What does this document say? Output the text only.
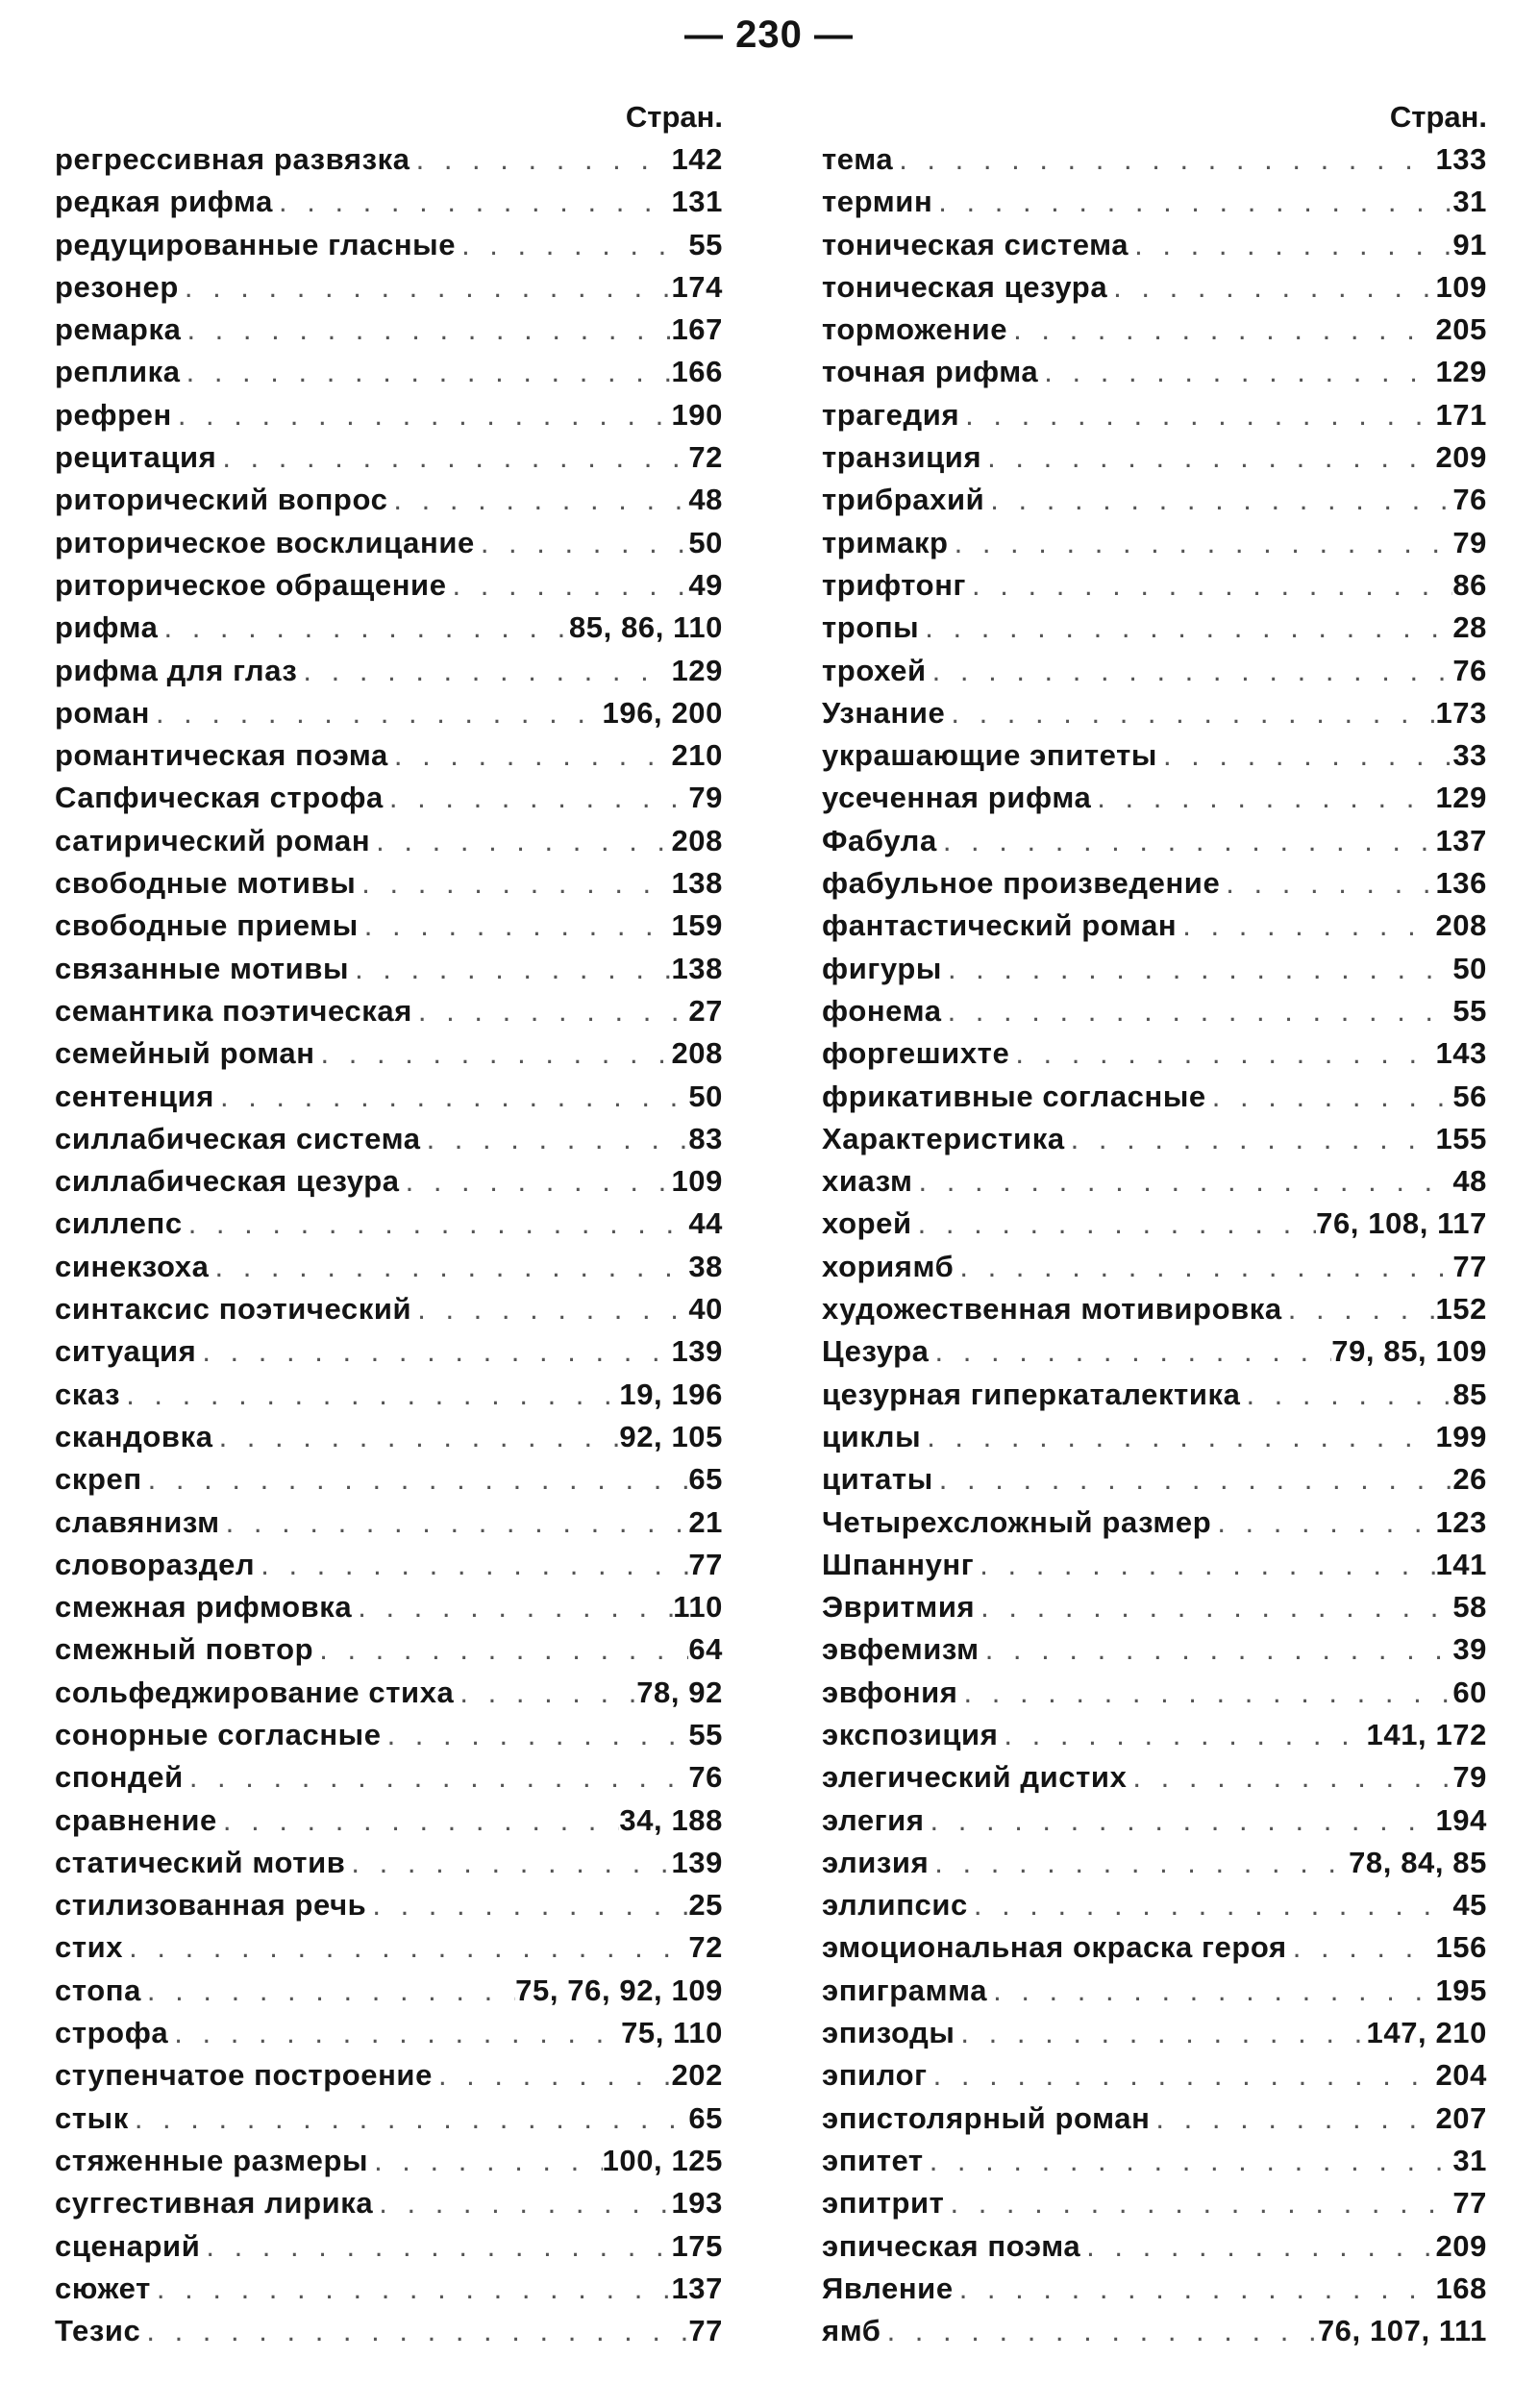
— 230 —
Стран.
регрессивная развязка . . .	142
редкая рифма . . .	131
редуцированные гласные . . .	55
резонер . . .	174
ремарка . . .	167
реплика . . .	166
рефрен . . .	190
рецитация . . .	72
риторический вопрос . . .	48
риторическое восклицание . . .	50
риторическое обращение . . .	49
рифма . . .	85, 86, 110
рифма для глаз . . .	129
роман . . .	196, 200
романтическая поэма . . .	210
Сапфическая строфа . . .	79
сатирический роман . . .	208
свободные мотивы . . .	138
свободные приемы . . .	159
связанные мотивы . . .	138
семантика поэтическая . . .	27
семейный роман . . .	208
сентенция . . .	50
силлабическая система . . .	83
силлабическая цезура . . .	109
силлепс . . .	44
синекзоха . . .	38
синтаксис поэтический . . .	40
ситуация . . .	139
сказ . . .	19, 196
скандовка . . .	92, 105
скреп . . .	65
славянизм . . .	21
словораздел . . .	77
смежная рифмовка . . .	110
смежный повтор . . .	64
сольфеджирование стиха . . .	78, 92
сонорные согласные . . .	55
спондей . . .	76
сравнение . . .	34, 188
статический мотив . . .	139
стилизованная речь . . .	25
стих . . .	72
стопа . . .	75, 76, 92, 109
строфа . . .	75, 110
ступенчатое построение . . .	202
стык . . .	65
стяженные размеры . . .	100, 125
суггестивная лирика . . .	193
сценарий . . .	175
сюжет . . .	137
Тезис . . .	77
Стран.
тема . . .	133
термин . . .	31
тоническая система . . .	91
тоническая цезура . . .	109
торможение . . .	205
точная рифма . . .	129
трагедия . . .	171
транзиция . . .	209
трибрахий . . .	76
тримакр . . .	79
трифтонг . . .	86
тропы . . .	28
трохей . . .	76
Узнание . . .	173
украшающие эпитеты . . .	33
усеченная рифма . . .	129
Фабула . . .	137
фабульное произведение . . .	136
фантастический роман . . .	208
фигуры . . .	50
фонема . . .	55
форгешихте . . .	143
фрикативные согласные . . .	56
Характеристика . . .	155
хиазм . . .	48
хорей . . .	76, 108, 117
хориямб . . .	77
художественная мотивировка . . .	152
Цезура . . .	79, 85, 109
цезурная гиперкаталектика . . .	85
циклы . . .	199
цитаты . . .	26
Четырехсложный размер . . .	123
Шпаннунг . . .	141
Эвритмия . . .	58
эвфемизм . . .	39
эвфония . . .	60
экспозиция . . .	141, 172
элегический дистих . . .	79
элегия . . .	194
элизия . . .	78, 84, 85
эллипсис . . .	45
эмоциональная окраска героя . . .	156
эпиграмма . . .	195
эпизоды . . .	147, 210
эпилог . . .	204
эпистолярный роман . . .	207
эпитет . . .	31
эпитрит . . .	77
эпическая поэма . . .	209
Явление . . .	168
ямб . . .	76, 107, 111
